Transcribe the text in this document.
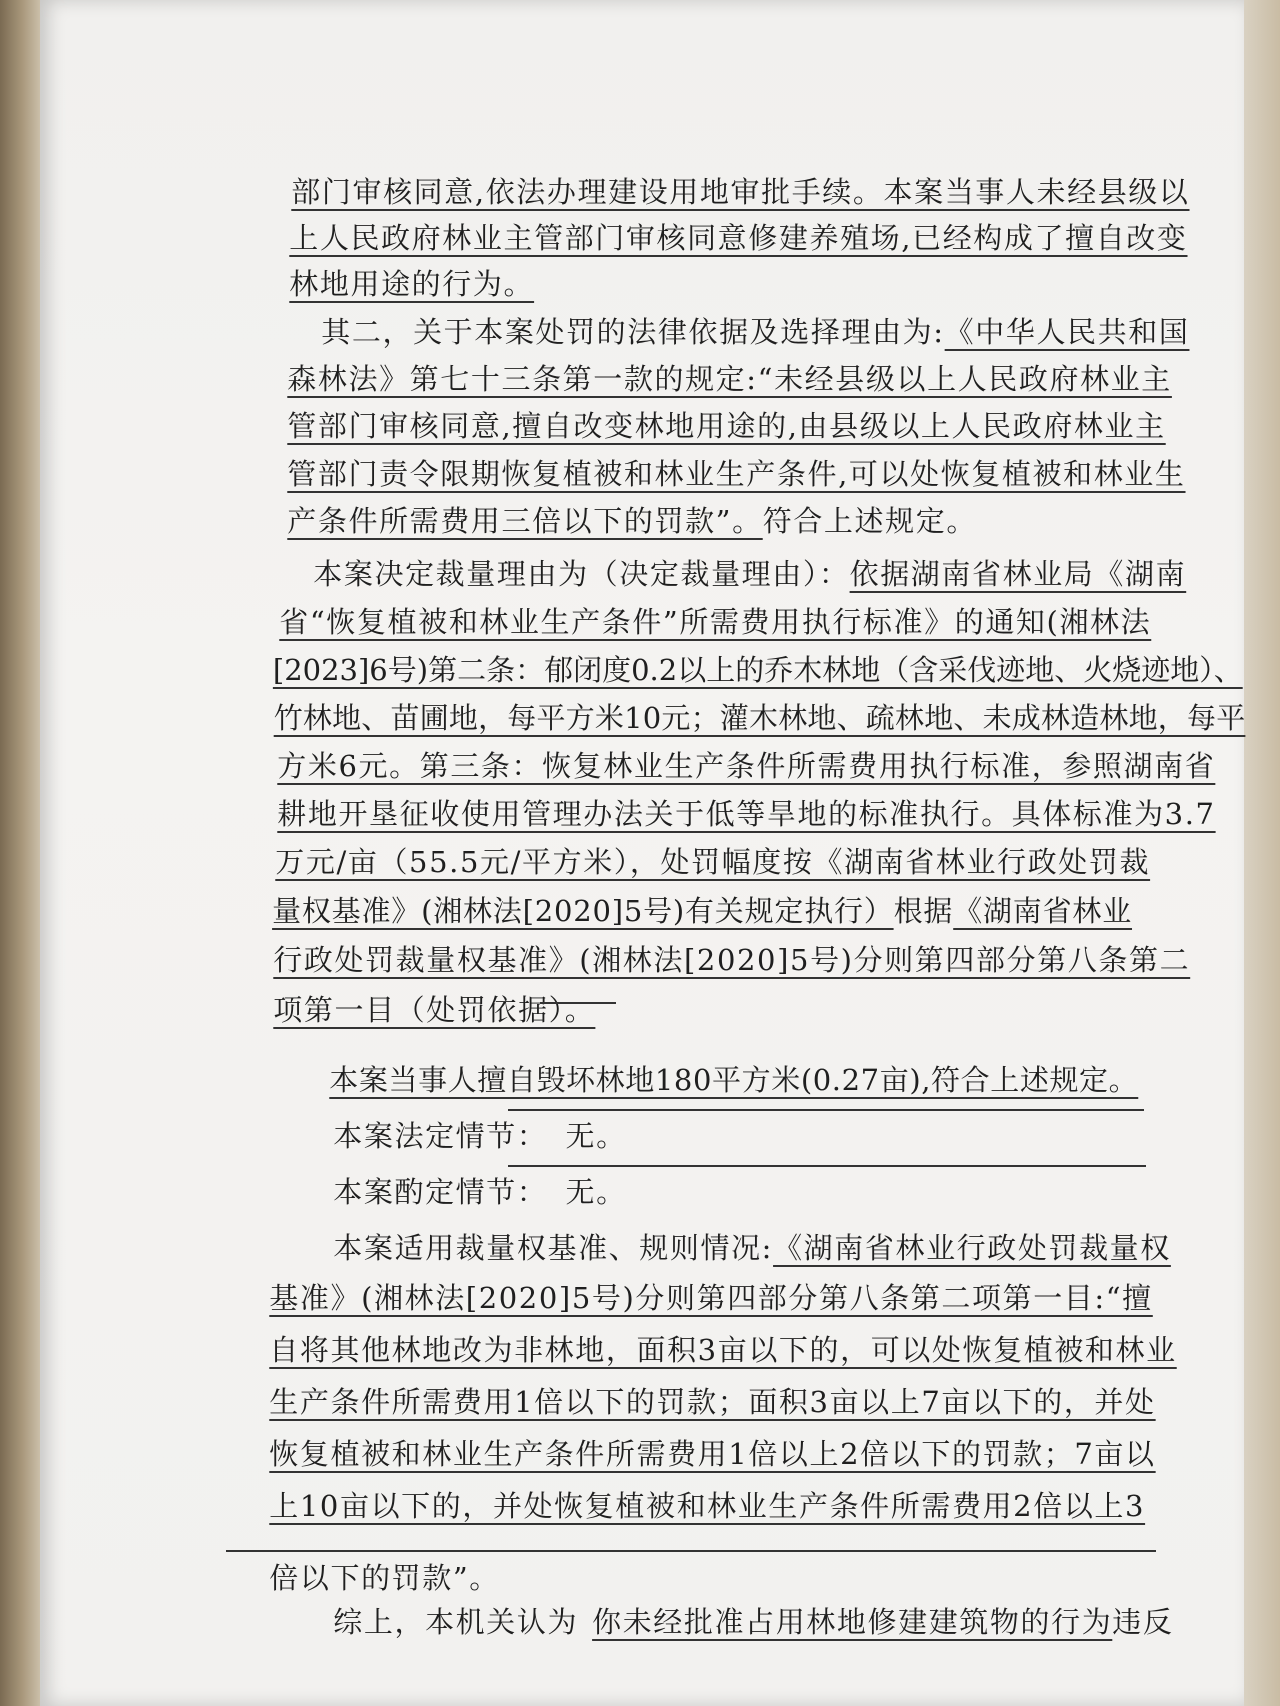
部门审核同意,依法办理建设用地审批手续。本案当事人未经县级以

上人民政府林业主管部门审核同意修建养殖场,已经构成了擅自改变

林地用途的行为。

其二，关于本案处罚的法律依据及选择理由为:《中华人民共和国

森林法》第七十三条第一款的规定:“未经县级以上人民政府林业主

管部门审核同意,擅自改变林地用途的,由县级以上人民政府林业主

管部门责令限期恢复植被和林业生产条件,可以处恢复植被和林业生

产条件所需费用三倍以下的罚款”。符合上述规定。

本案决定裁量理由为（决定裁量理由）：依据湖南省林业局《湖南

省“恢复植被和林业生产条件”所需费用执行标准》的通知(湘林法

[2023]6号)第二条：郁闭度0.2以上的乔木林地（含采伐迹地、火烧迹地）、

竹林地、苗圃地，每平方米10元；灌木林地、疏林地、未成林造林地，每平

方米6元。第三条：恢复林业生产条件所需费用执行标准，参照湖南省

耕地开垦征收使用管理办法关于低等旱地的标准执行。具体标准为3.7

万元/亩（55.5元/平方米），处罚幅度按《湖南省林业行政处罚裁

量权基准》(湘林法[2020]5号)有关规定执行）根据《湖南省林业

行政处罚裁量权基准》(湘林法[2020]5号)分则第四部分第八条第二

项第一目（处罚依据）。

本案当事人擅自毁坏林地180平方米(0.27亩),符合上述规定。

本案法定情节： 无。

本案酌定情节： 无。

本案适用裁量权基准、规则情况:《湖南省林业行政处罚裁量权

基准》(湘林法[2020]5号)分则第四部分第八条第二项第一目:“擅

自将其他林地改为非林地，面积3亩以下的，可以处恢复植被和林业

生产条件所需费用1倍以下的罚款；面积3亩以上7亩以下的，并处

恢复植被和林业生产条件所需费用1倍以上2倍以下的罚款；7亩以

上10亩以下的，并处恢复植被和林业生产条件所需费用2倍以上3

倍以下的罚款”。

综上，本机关认为 你未经批准占用林地修建建筑物的行为违反
